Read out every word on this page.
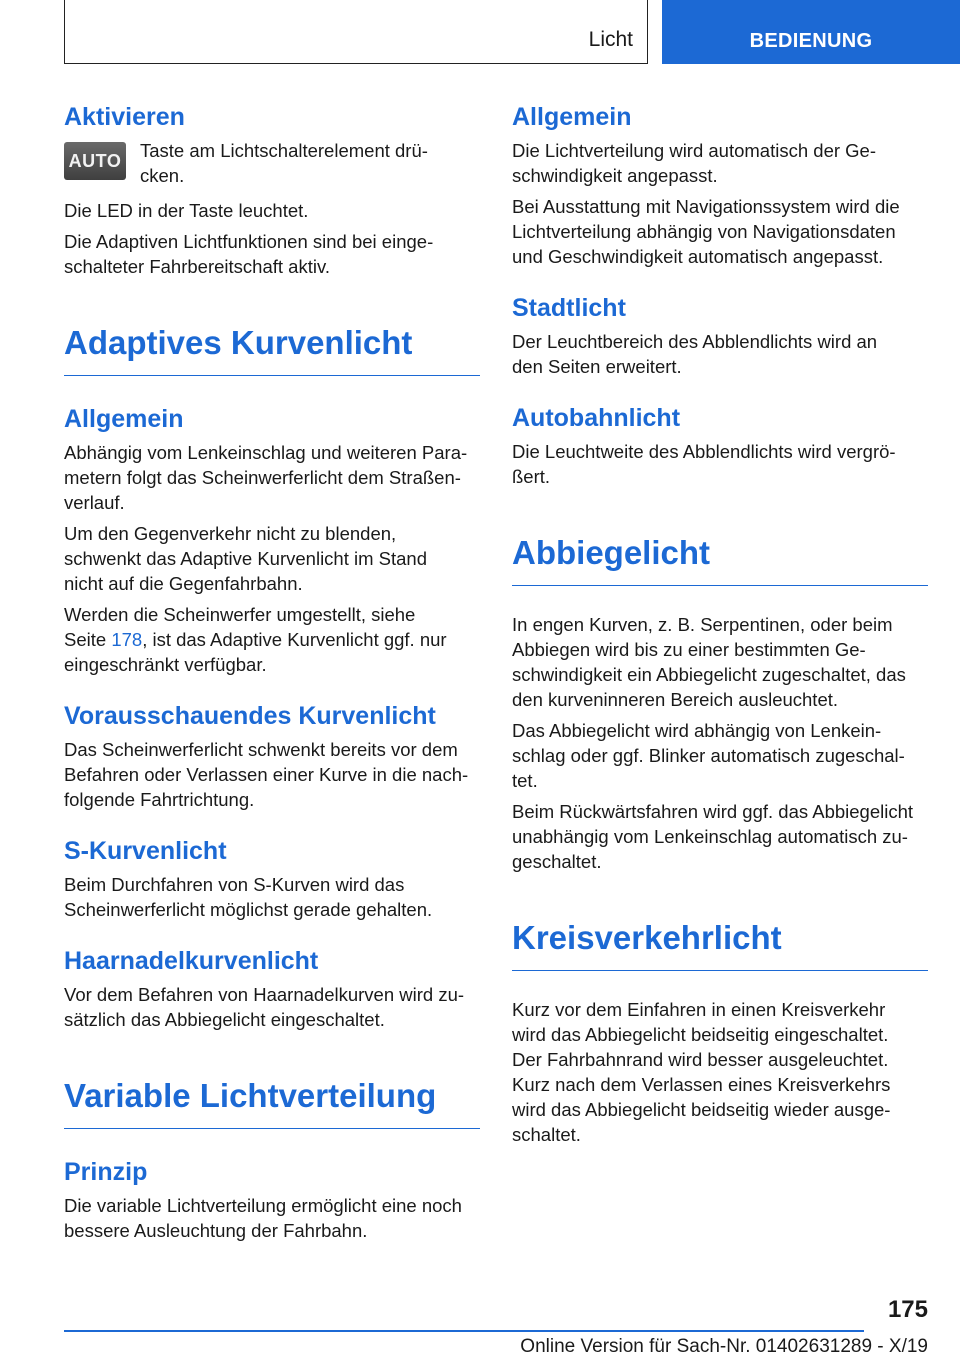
Licht	BEDIENUNG
Aktivieren
AUTO Taste am Lichtschalterelement drü-
cken.

Die LED in der Taste leuchtet.

Die Adaptiven Lichtfunktionen sind bei einge-
schalteter Fahrbereitschaft aktiv.

Adaptives Kurvenlicht
Allgemein

Abhängig vom Lenkeinschlag und weiteren Para-
metern folgt das Scheinwerferlicht dem Straßen-
verlauf.

Um den Gegenverkehr nicht zu blenden,
schwenkt das Adaptive Kurvenlicht im Stand
nicht auf die Gegenfahrbahn.

Werden die Scheinwerfer umgestellt, siehe
Seite 178, ist das Adaptive Kurvenlicht ggf. nur
eingeschränkt verfügbar.

Vorausschauendes Kurvenlicht

Das Scheinwerferlicht schwenkt bereits vor dem
Befahren oder Verlassen einer Kurve in die nach-
folgende Fahrtrichtung.

S-Kurvenlicht

Beim Durchfahren von S-Kurven wird das
Scheinwerferlicht möglichst gerade gehalten.

Haarnadelkurvenlicht

Vor dem Befahren von Haarnadelkurven wird zu-
sätzlich das Abbiegelicht eingeschaltet.

Variable Lichtverteilung
Prinzip

Die variable Lichtverteilung ermöglicht eine noch
bessere Ausleuchtung der Fahrbahn.

Allgemein

Die Lichtverteilung wird automatisch der Ge-
schwindigkeit angepasst.

Bei Ausstattung mit Navigationssystem wird die
Lichtverteilung abhängig von Navigationsdaten
und Geschwindigkeit automatisch angepasst.

Stadtlicht

Der Leuchtbereich des Abblendlichts wird an
den Seiten erweitert.

Autobahnlicht

Die Leuchtweite des Abblendlichts wird vergrö-
ßert.

Abbiegelicht

In engen Kurven, z. B. Serpentinen, oder beim
Abbiegen wird bis zu einer bestimmten Ge-
schwindigkeit ein Abbiegelicht zugeschaltet, das
den kurveninneren Bereich ausleuchtet.

Das Abbiegelicht wird abhängig von Lenkein-
schlag oder ggf. Blinker automatisch zugeschal-
tet.

Beim Rückwärtsfahren wird ggf. das Abbiegelicht
unabhängig vom Lenkeinschlag automatisch zu-
geschaltet.

Kreisverkehrlicht

Kurz vor dem Einfahren in einen Kreisverkehr
wird das Abbiegelicht beidseitig eingeschaltet.
Der Fahrbahnrand wird besser ausgeleuchtet.
Kurz nach dem Verlassen eines Kreisverkehrs
wird das Abbiegelicht beidseitig wieder ausge-
schaltet.

175
Online Version für Sach-Nr. 01402631289 - X/19
